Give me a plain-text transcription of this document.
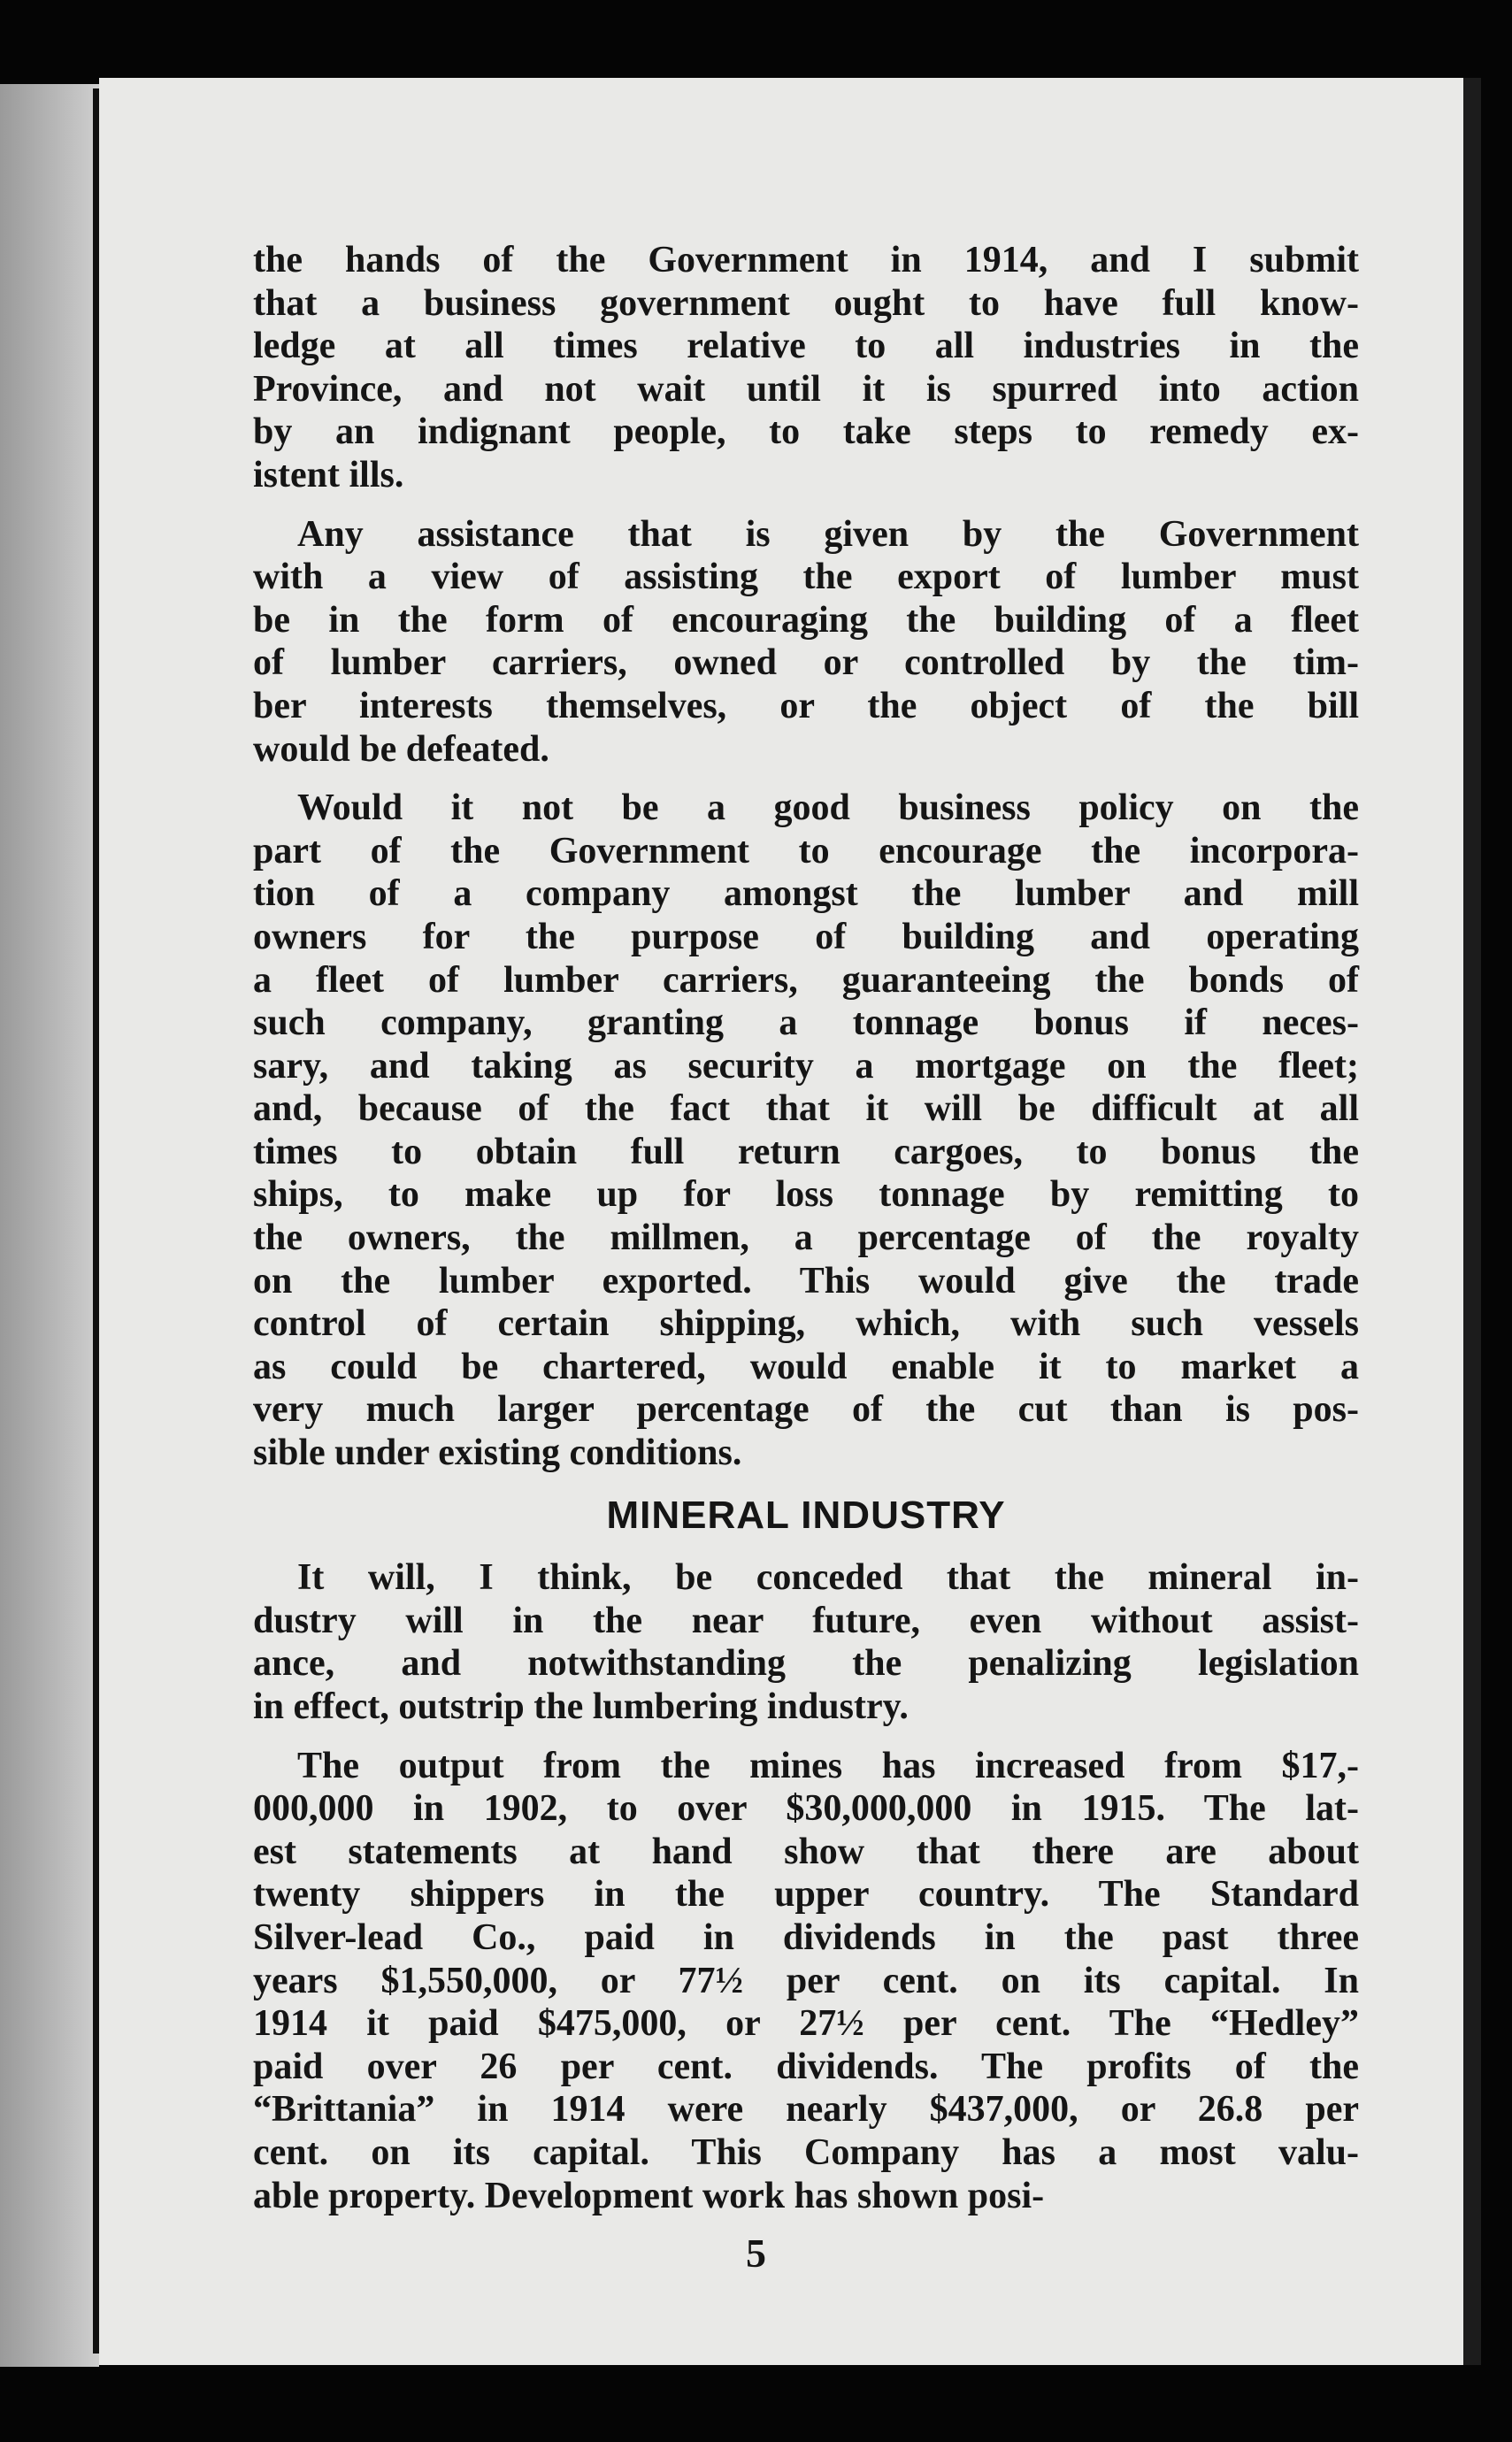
the hands of the Government in 1914, and I submit
that a business government ought to have full know-
ledge at all times relative to all industries in the
Province, and not wait until it is spurred into action
by an indignant people, to take steps to remedy ex-
istent ills.
Any assistance that is given by the Government
with a view of assisting the export of lumber must
be in the form of encouraging the building of a fleet
of lumber carriers, owned or controlled by the tim-
ber interests themselves, or the object of the bill
would be defeated.
Would it not be a good business policy on the
part of the Government to encourage the incorpora-
tion of a company amongst the lumber and mill
owners for the purpose of building and operating
a fleet of lumber carriers, guaranteeing the bonds of
such company, granting a tonnage bonus if neces-
sary, and taking as security a mortgage on the fleet;
and, because of the fact that it will be difficult at all
times to obtain full return cargoes, to bonus the
ships, to make up for loss tonnage by remitting to
the owners, the millmen, a percentage of the royalty
on the lumber exported. This would give the trade
control of certain shipping, which, with such vessels
as could be chartered, would enable it to market a
very much larger percentage of the cut than is pos-
sible under existing conditions.
MINERAL INDUSTRY
It will, I think, be conceded that the mineral in-
dustry will in the near future, even without assist-
ance, and notwithstanding the penalizing legislation
in effect, outstrip the lumbering industry.
The output from the mines has increased from $17,-
000,000 in 1902, to over $30,000,000 in 1915. The lat-
est statements at hand show that there are about
twenty shippers in the upper country. The Standard
Silver-lead Co., paid in dividends in the past three
years $1,550,000, or 77½ per cent. on its capital. In
1914 it paid $475,000, or 27½ per cent. The “Hedley”
paid over 26 per cent. dividends. The profits of the
“Brittania” in 1914 were nearly $437,000, or 26.8 per
cent. on its capital. This Company has a most valu-
able property. Development work has shown posi-
5
